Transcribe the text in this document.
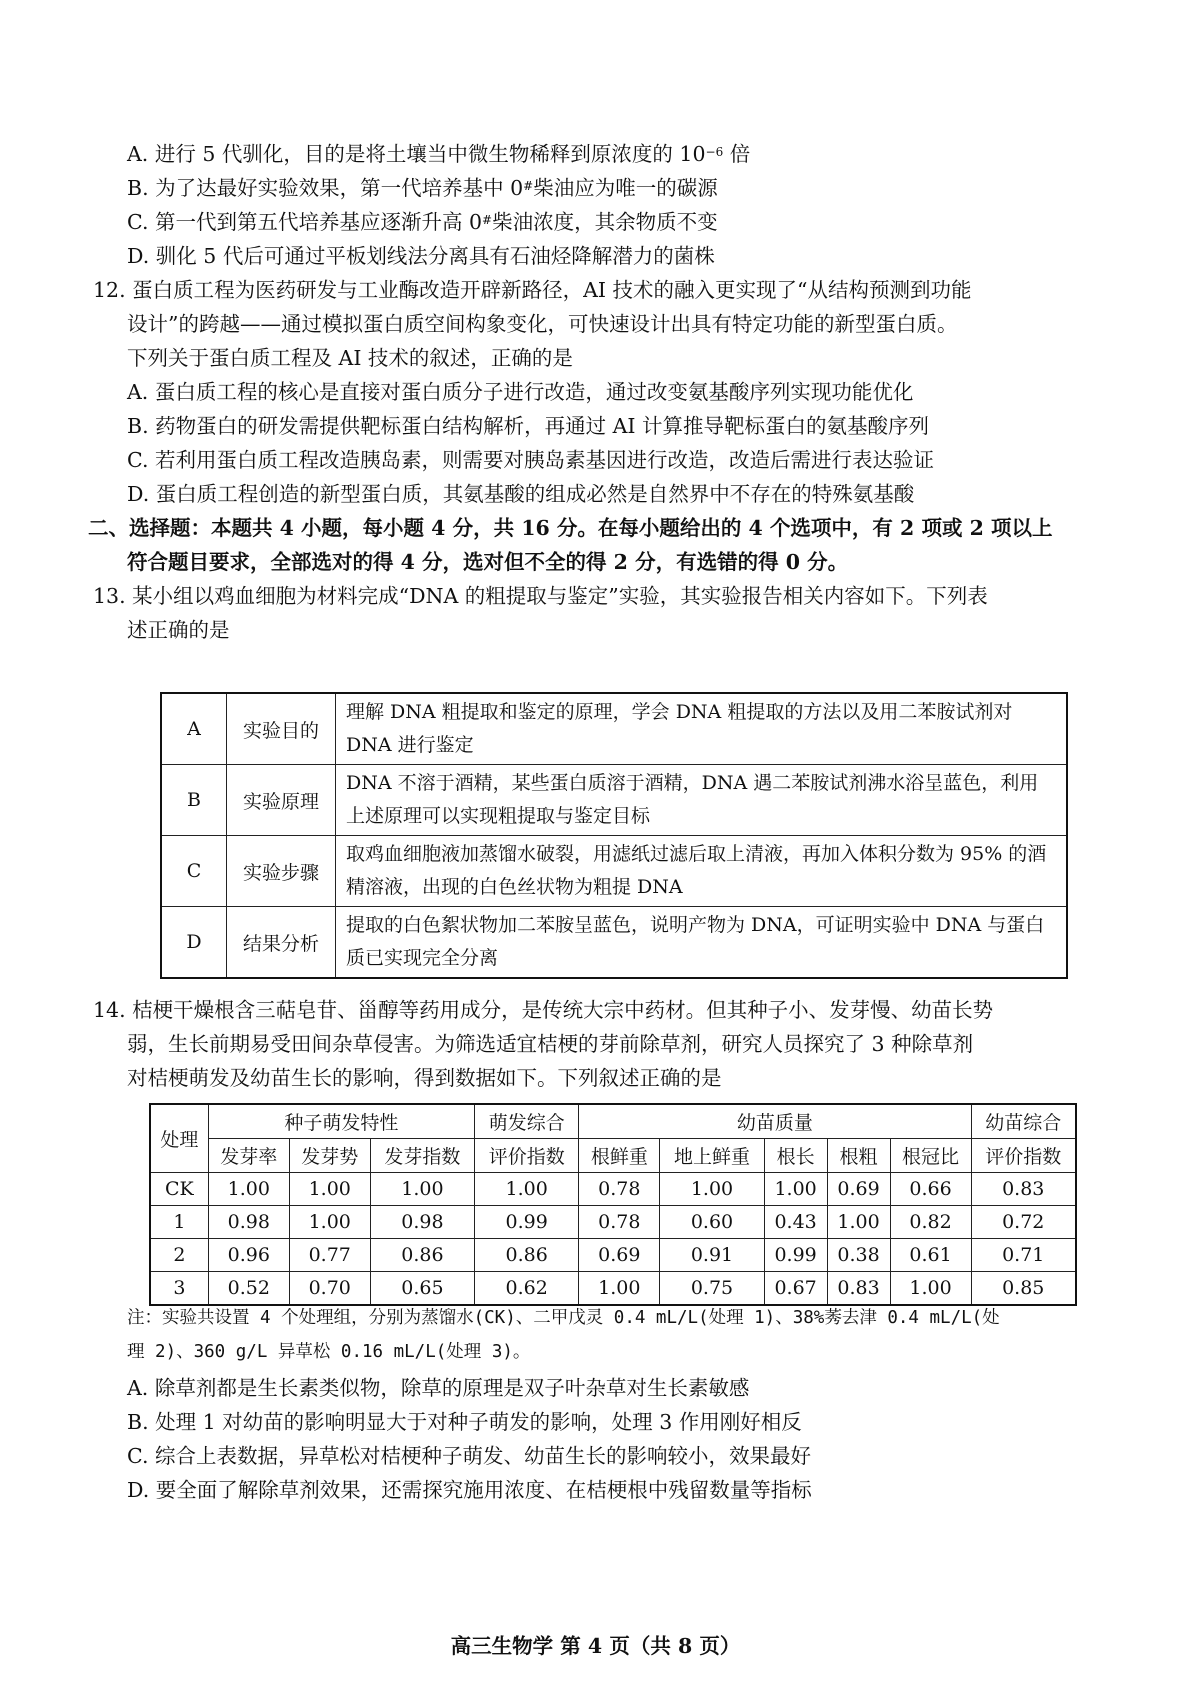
A. 进行 5 代驯化，目的是将土壤当中微生物稀释到原浓度的 $10^{-6}$ 倍
B. 为了达最好实验效果，第一代培养基中 0#柴油应为唯一的碳源
C. 第一代到第五代培养基应逐渐升高 0#柴油浓度，其余物质不变
D. 驯化 5 代后可通过平板划线法分离具有石油烃降解潜力的菌株
12. 蛋白质工程为医药研发与工业酶改造开辟新路径，AI 技术的融入更实现了“从结构预测到功能
设计”的跨越——通过模拟蛋白质空间构象变化，可快速设计出具有特定功能的新型蛋白质。
下列关于蛋白质工程及 AI 技术的叙述，正确的是
A. 蛋白质工程的核心是直接对蛋白质分子进行改造，通过改变氨基酸序列实现功能优化
B. 药物蛋白的研发需提供靶标蛋白结构解析，再通过 AI 计算推导靶标蛋白的氨基酸序列
C. 若利用蛋白质工程改造胰岛素，则需要对胰岛素基因进行改造，改造后需进行表达验证
D. 蛋白质工程创造的新型蛋白质，其氨基酸的组成必然是自然界中不存在的特殊氨基酸
二、选择题：本题共 4 小题，每小题 4 分，共 16 分。在每小题给出的 4 个选项中，有 2 项或 2 项以上
符合题目要求，全部选对的得 4 分，选对但不全的得 2 分，有选错的得 0 分。
13. 某小组以鸡血细胞为材料完成“DNA 的粗提取与鉴定”实验，其实验报告相关内容如下。下列表
述正确的是
A	实验目的	理解 DNA 粗提取和鉴定的原理，学会 DNA 粗提取的方法以及用二苯胺试剂对 DNA 进行鉴定
B	实验原理	DNA 不溶于酒精，某些蛋白质溶于酒精，DNA 遇二苯胺试剂沸水浴呈蓝色，利用上述原理可以实现粗提取与鉴定目标
C	实验步骤	取鸡血细胞液加蒸馏水破裂，用滤纸过滤后取上清液，再加入体积分数为 95% 的酒精溶液，出现的白色丝状物为粗提 DNA
D	结果分析	提取的白色絮状物加二苯胺呈蓝色，说明产物为 DNA，可证明实验中 DNA 与蛋白质已实现完全分离
14. 桔梗干燥根含三萜皂苷、甾醇等药用成分，是传统大宗中药材。但其种子小、发芽慢、幼苗长势
弱，生长前期易受田间杂草侵害。为筛选适宜桔梗的芽前除草剂，研究人员探究了 3 种除草剂
对桔梗萌发及幼苗生长的影响，得到数据如下。下列叙述正确的是
处理	种子萌发特性			萌发综合	幼苗质量					幼苗综合
	发芽率	发芽势	发芽指数	评价指数	根鲜重	地上鲜重	根长	根粗	根冠比	评价指数
CK	1.00	1.00	1.00	1.00	0.78	1.00	1.00	0.69	0.66	0.83
1	0.98	1.00	0.98	0.99	0.78	0.60	0.43	1.00	0.82	0.72
2	0.96	0.77	0.86	0.86	0.69	0.91	0.99	0.38	0.61	0.71
3	0.52	0.70	0.65	0.62	1.00	0.75	0.67	0.83	1.00	0.85
注：实验共设置 4 个处理组，分别为蒸馏水(CK)、二甲戊灵 0.4 mL/L(处理 1)、38%莠去津 0.4 mL/L(处
理 2)、360 g/L 异草松 0.16 mL/L(处理 3)。
A. 除草剂都是生长素类似物，除草的原理是双子叶杂草对生长素敏感
B. 处理 1 对幼苗的影响明显大于对种子萌发的影响，处理 3 作用刚好相反
C. 综合上表数据，异草松对桔梗种子萌发、幼苗生长的影响较小，效果最好
D. 要全面了解除草剂效果，还需探究施用浓度、在桔梗根中残留数量等指标
高三生物学 第 4 页（共 8 页）
